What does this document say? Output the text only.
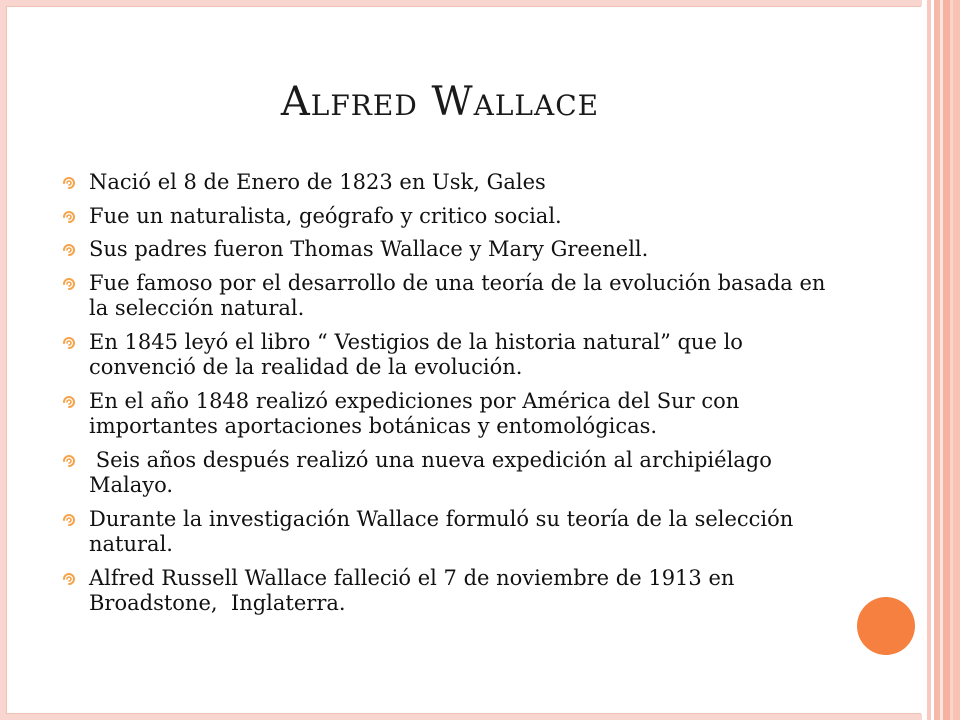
Alfred Wallace
Nació el 8 de Enero de 1823 en Usk, Gales
Fue un naturalista, geógrafo y critico social.
Sus padres fueron Thomas Wallace y Mary Greenell.
Fue famoso por el desarrollo de una teoría de la evolución basada en la selección natural.
En 1845 leyó el libro “ Vestigios de la historia natural” que lo convenció de la realidad de la evolución.
En el año 1848 realizó expediciones por América del Sur con importantes aportaciones botánicas y entomológicas.
Seis años después realizó una nueva expedición al archipiélago Malayo.
Durante la investigación Wallace formuló su teoría de la selección natural.
Alfred Russell Wallace falleció el 7 de noviembre de 1913 en Broadstone,  Inglaterra.
